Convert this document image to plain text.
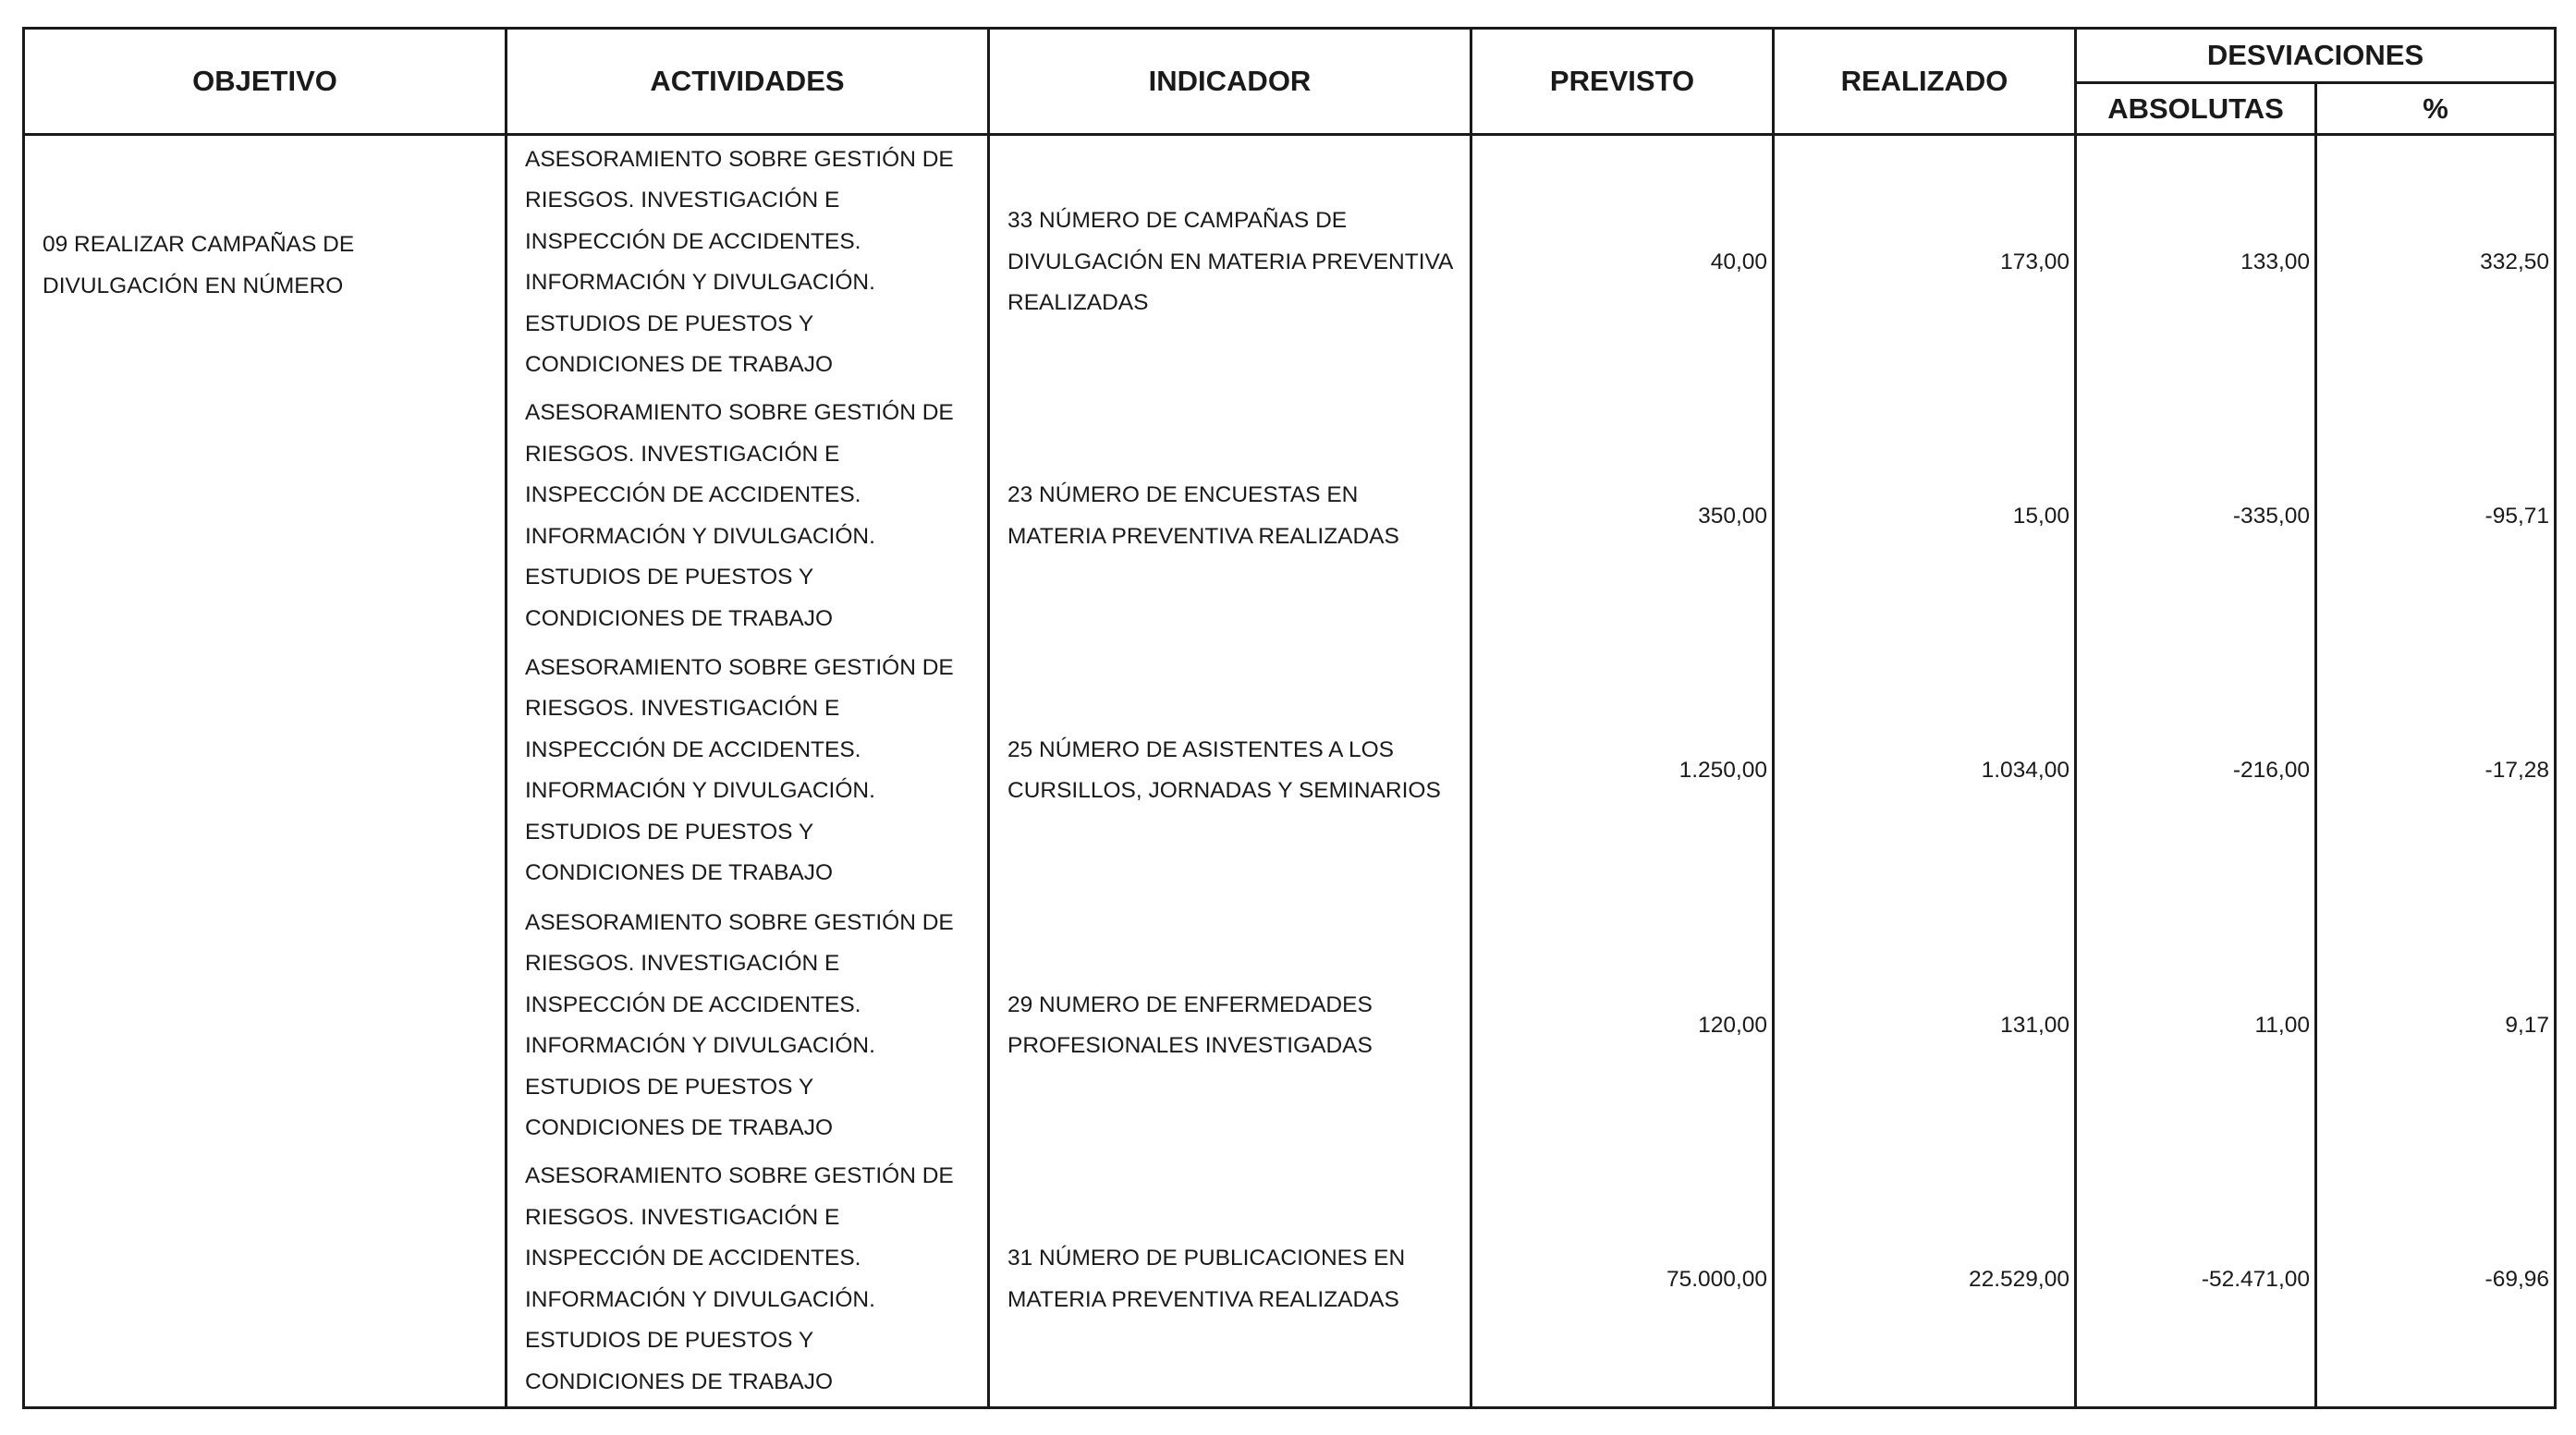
OBJETIVO	ACTIVIDADES	INDICADOR	PREVISTO	REALIZADO	DESVIACIONES	
					ABSOLUTAS	%

09 REALIZAR CAMPAÑAS DE DIVULGACIÓN EN NÚMERO	ASESORAMIENTO SOBRE GESTIÓN DE RIESGOS. INVESTIGACIÓN E INSPECCIÓN DE ACCIDENTES. INFORMACIÓN Y DIVULGACIÓN. ESTUDIOS DE PUESTOS Y CONDICIONES DE TRABAJO	33 NÚMERO DE CAMPAÑAS DE DIVULGACIÓN EN MATERIA PREVENTIVA REALIZADAS	40,00	173,00	133,00	332,50
	ASESORAMIENTO SOBRE GESTIÓN DE RIESGOS. INVESTIGACIÓN E INSPECCIÓN DE ACCIDENTES. INFORMACIÓN Y DIVULGACIÓN. ESTUDIOS DE PUESTOS Y CONDICIONES DE TRABAJO	23 NÚMERO DE ENCUESTAS EN MATERIA PREVENTIVA REALIZADAS	350,00	15,00	-335,00	-95,71
	ASESORAMIENTO SOBRE GESTIÓN DE RIESGOS. INVESTIGACIÓN E INSPECCIÓN DE ACCIDENTES. INFORMACIÓN Y DIVULGACIÓN. ESTUDIOS DE PUESTOS Y CONDICIONES DE TRABAJO	25 NÚMERO DE ASISTENTES A LOS CURSILLOS, JORNADAS Y SEMINARIOS	1.250,00	1.034,00	-216,00	-17,28
	ASESORAMIENTO SOBRE GESTIÓN DE RIESGOS. INVESTIGACIÓN E INSPECCIÓN DE ACCIDENTES. INFORMACIÓN Y DIVULGACIÓN. ESTUDIOS DE PUESTOS Y CONDICIONES DE TRABAJO	29 NUMERO DE ENFERMEDADES PROFESIONALES INVESTIGADAS	120,00	131,00	11,00	9,17
	ASESORAMIENTO SOBRE GESTIÓN DE RIESGOS. INVESTIGACIÓN E INSPECCIÓN DE ACCIDENTES. INFORMACIÓN Y DIVULGACIÓN. ESTUDIOS DE PUESTOS Y CONDICIONES DE TRABAJO	31 NÚMERO DE PUBLICACIONES EN MATERIA PREVENTIVA REALIZADAS	75.000,00	22.529,00	-52.471,00	-69,96
